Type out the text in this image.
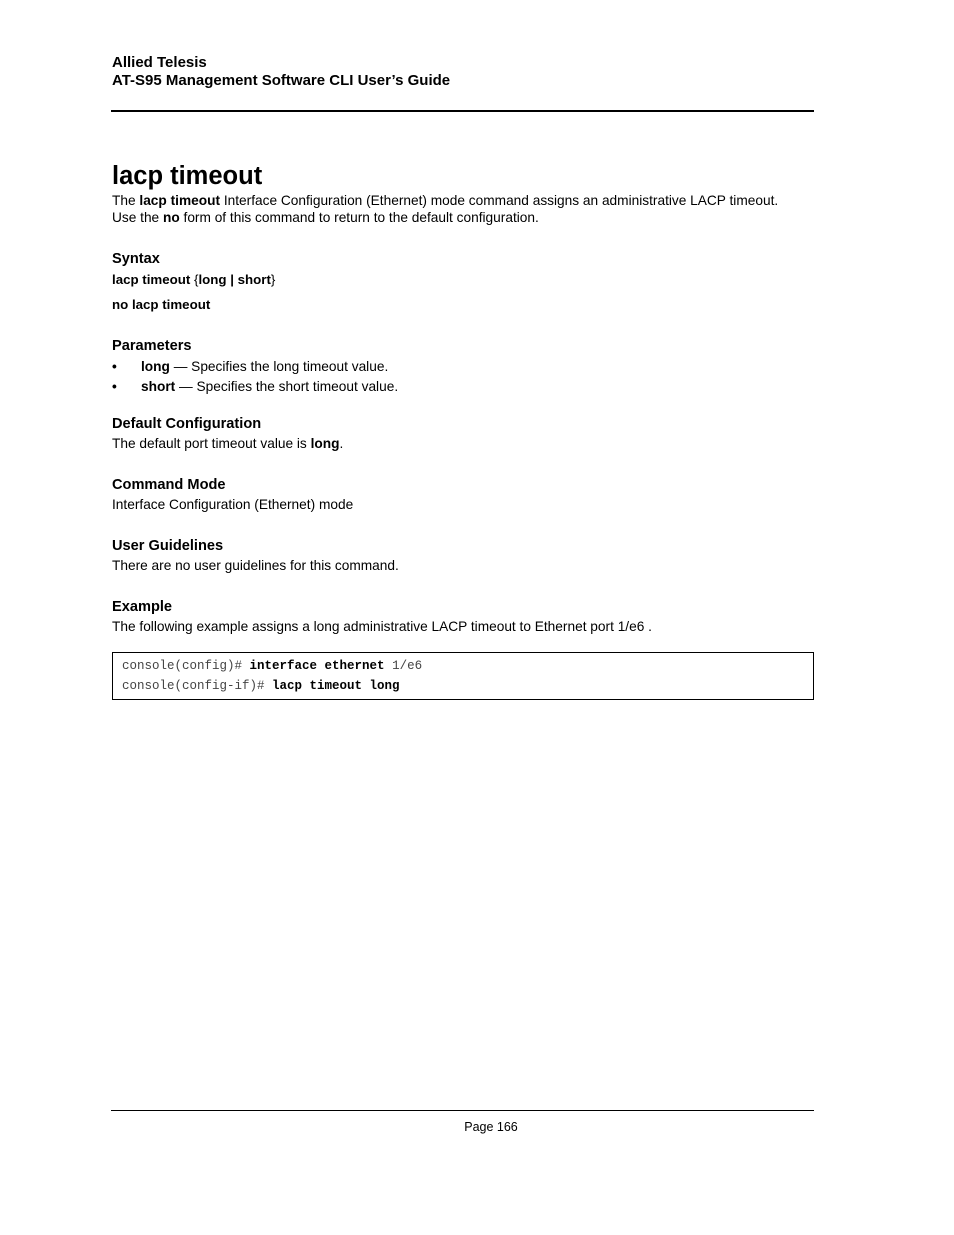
Allied Telesis
AT-S95 Management Software CLI User’s Guide
lacp timeout

The lacp timeout Interface Configuration (Ethernet) mode command assigns an administrative LACP timeout.

Use the no form of this command to return to the default configuration.

Syntax
lacp timeout {long | short}
no lacp timeout
Parameters
• long — Specifies the long timeout value.
• short — Specifies the short timeout value.
Default Configuration

The default port timeout value is long.

Command Mode

Interface Configuration (Ethernet) mode

User Guidelines

There are no user guidelines for this command.

Example

The following example assigns a long administrative LACP timeout to Ethernet port 1/e6 .

console(config)# interface ethernet 1/e6
console(config-if)# lacp timeout long
Page 166
